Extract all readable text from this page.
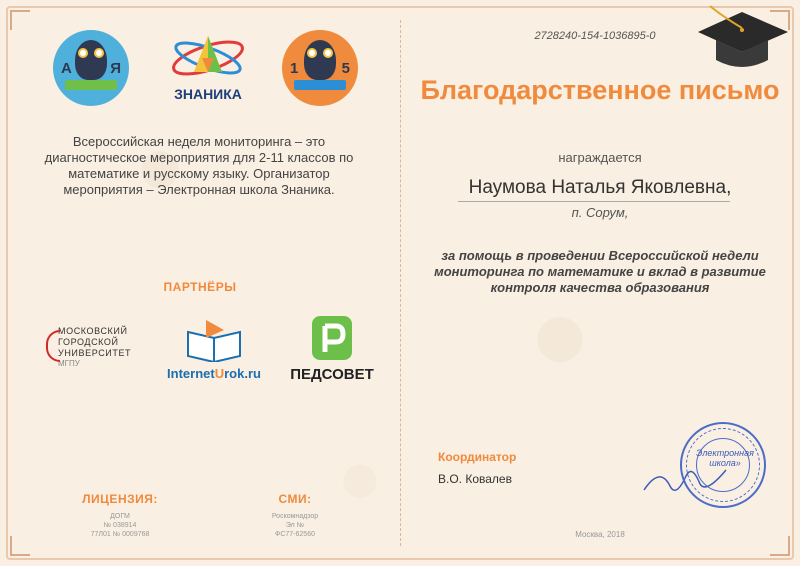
А	Я
ЗНАНИКА
1	5
Всероссийская неделя мониторинга – это диагностическое мероприятия для 2-11 классов по математике и русскому языку. Организатор мероприятия – Электронная школа Знаника.
ПАРТНЁРЫ
МОСКОВСКИЙ
ГОРОДСКОЙ
УНИВЕРСИТЕТ
МГПУ
InternetUrok.ru	ПЕДСОВЕТ
ЛИЦЕНЗИЯ:
ДОГМ
№ 038914
77Л01 № 0009768
СМИ:
Роскомнадзор
Эл №
ФС77-62560
2728240-154-1036895-0
Благодарственное письмо
награждается
Наумова Наталья Яковлевна,
п. Сорум,
за помощь в проведении Всероссийской недели мониторинга по математике и вклад в развитие контроля качества образования
Координатор
В.О. Ковалев
Электронная школа»
Москва, 2018
